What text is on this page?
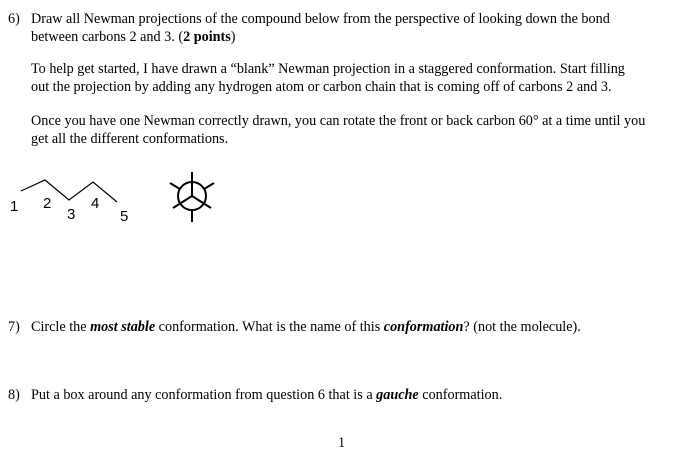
6) Draw all Newman projections of the compound below from the perspective of looking down the bond
between carbons 2 and 3. (2 points)
To help get started, I have drawn a “blank” Newman projection in a staggered conformation. Start filling
out the projection by adding any hydrogen atom or carbon chain that is coming off of carbons 2 and 3.
Once you have one Newman correctly drawn, you can rotate the front or back carbon 60° at a time until you
get all the different conformations.
1 2
3
4
5
7) Circle the most stable conformation. What is the name of this conformation? (not the molecule).
8) Put a box around any conformation from question 6 that is a gauche conformation.
1
